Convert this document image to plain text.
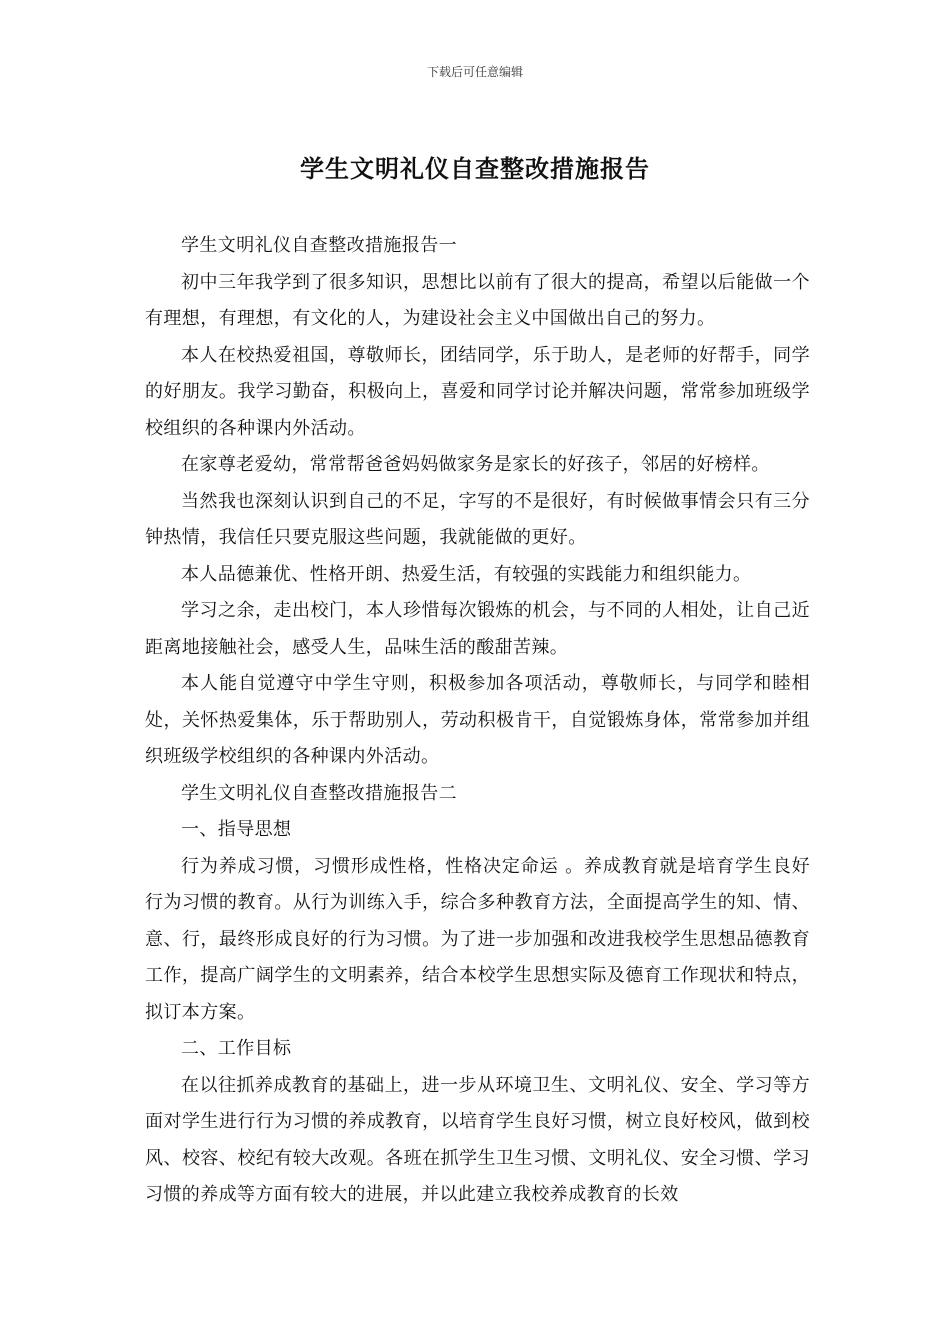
下载后可任意编辑
学生文明礼仪自查整改措施报告

学生文明礼仪自查整改措施报告一

初中三年我学到了很多知识，思想比以前有了很大的提高，希望以后能做一个有理想，有理想，有文化的人，为建设社会主义中国做出自己的努力。

本人在校热爱祖国，尊敬师长，团结同学，乐于助人，是老师的好帮手，同学的好朋友。我学习勤奋，积极向上，喜爱和同学讨论并解决问题，常常参加班级学校组织的各种课内外活动。

在家尊老爱幼，常常帮爸爸妈妈做家务是家长的好孩子，邻居的好榜样。

当然我也深刻认识到自己的不足，字写的不是很好，有时候做事情会只有三分钟热情，我信任只要克服这些问题，我就能做的更好。

本人品德兼优、性格开朗、热爱生活，有较强的实践能力和组织能力。

学习之余，走出校门，本人珍惜每次锻炼的机会，与不同的人相处，让自己近距离地接触社会，感受人生，品味生活的酸甜苦辣。

本人能自觉遵守中学生守则，积极参加各项活动，尊敬师长，与同学和睦相处，关怀热爱集体，乐于帮助别人，劳动积极肯干，自觉锻炼身体，常常参加并组织班级学校组织的各种课内外活动。

学生文明礼仪自查整改措施报告二

一、指导思想

行为养成习惯，习惯形成性格，性格决定命运 。养成教育就是培育学生良好行为习惯的教育。从行为训练入手，综合多种教育方法，全面提高学生的知、情、意、行，最终形成良好的行为习惯。为了进一步加强和改进我校学生思想品德教育工作，提高广阔学生的文明素养，结合本校学生思想实际及德育工作现状和特点，拟订本方案。

二、工作目标

在以往抓养成教育的基础上，进一步从环境卫生、文明礼仪、安全、学习等方面对学生进行行为习惯的养成教育，以培育学生良好习惯，树立良好校风，做到校风、校容、校纪有较大改观。各班在抓学生卫生习惯、文明礼仪、安全习惯、学习习惯的养成等方面有较大的进展，并以此建立我校养成教育的长效
